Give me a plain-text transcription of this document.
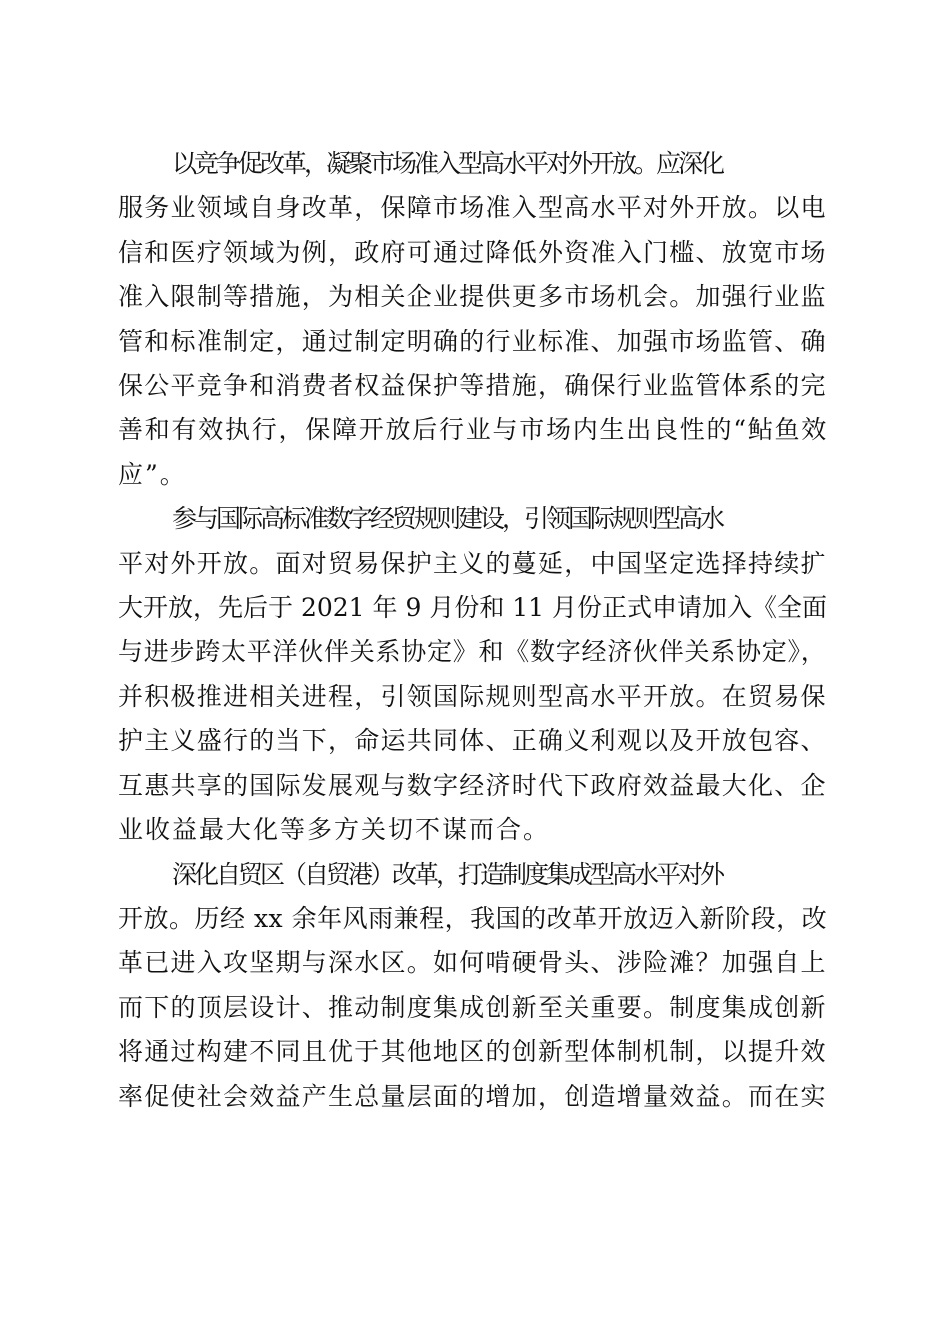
以竞争促改革，凝聚市场准入型高水平对外开放。应深化
服务业领域自身改革，保障市场准入型高水平对外开放。以电
信和医疗领域为例，政府可通过降低外资准入门槛、放宽市场
准入限制等措施，为相关企业提供更多市场机会。加强行业监
管和标准制定，通过制定明确的行业标准、加强市场监管、确
保公平竞争和消费者权益保护等措施，确保行业监管体系的完
善和有效执行，保障开放后行业与市场内生出良性的“鲇鱼效
应”。

参与国际高标准数字经贸规则建设，引领国际规则型高水
平对外开放。面对贸易保护主义的蔓延，中国坚定选择持续扩
大开放，先后于 2021 年 9 月份和 11 月份正式申请加入《全面
与进步跨太平洋伙伴关系协定》和《数字经济伙伴关系协定》，
并积极推进相关进程，引领国际规则型高水平开放。在贸易保
护主义盛行的当下，命运共同体、正确义利观以及开放包容、
互惠共享的国际发展观与数字经济时代下政府效益最大化、企
业收益最大化等多方关切不谋而合。

深化自贸区（自贸港）改革，打造制度集成型高水平对外
开放。历经 xx 余年风雨兼程，我国的改革开放迈入新阶段，改
革已进入攻坚期与深水区。如何啃硬骨头、涉险滩？加强自上
而下的顶层设计、推动制度集成创新至关重要。制度集成创新
将通过构建不同且优于其他地区的创新型体制机制，以提升效
率促使社会效益产生总量层面的增加，创造增量效益。而在实
